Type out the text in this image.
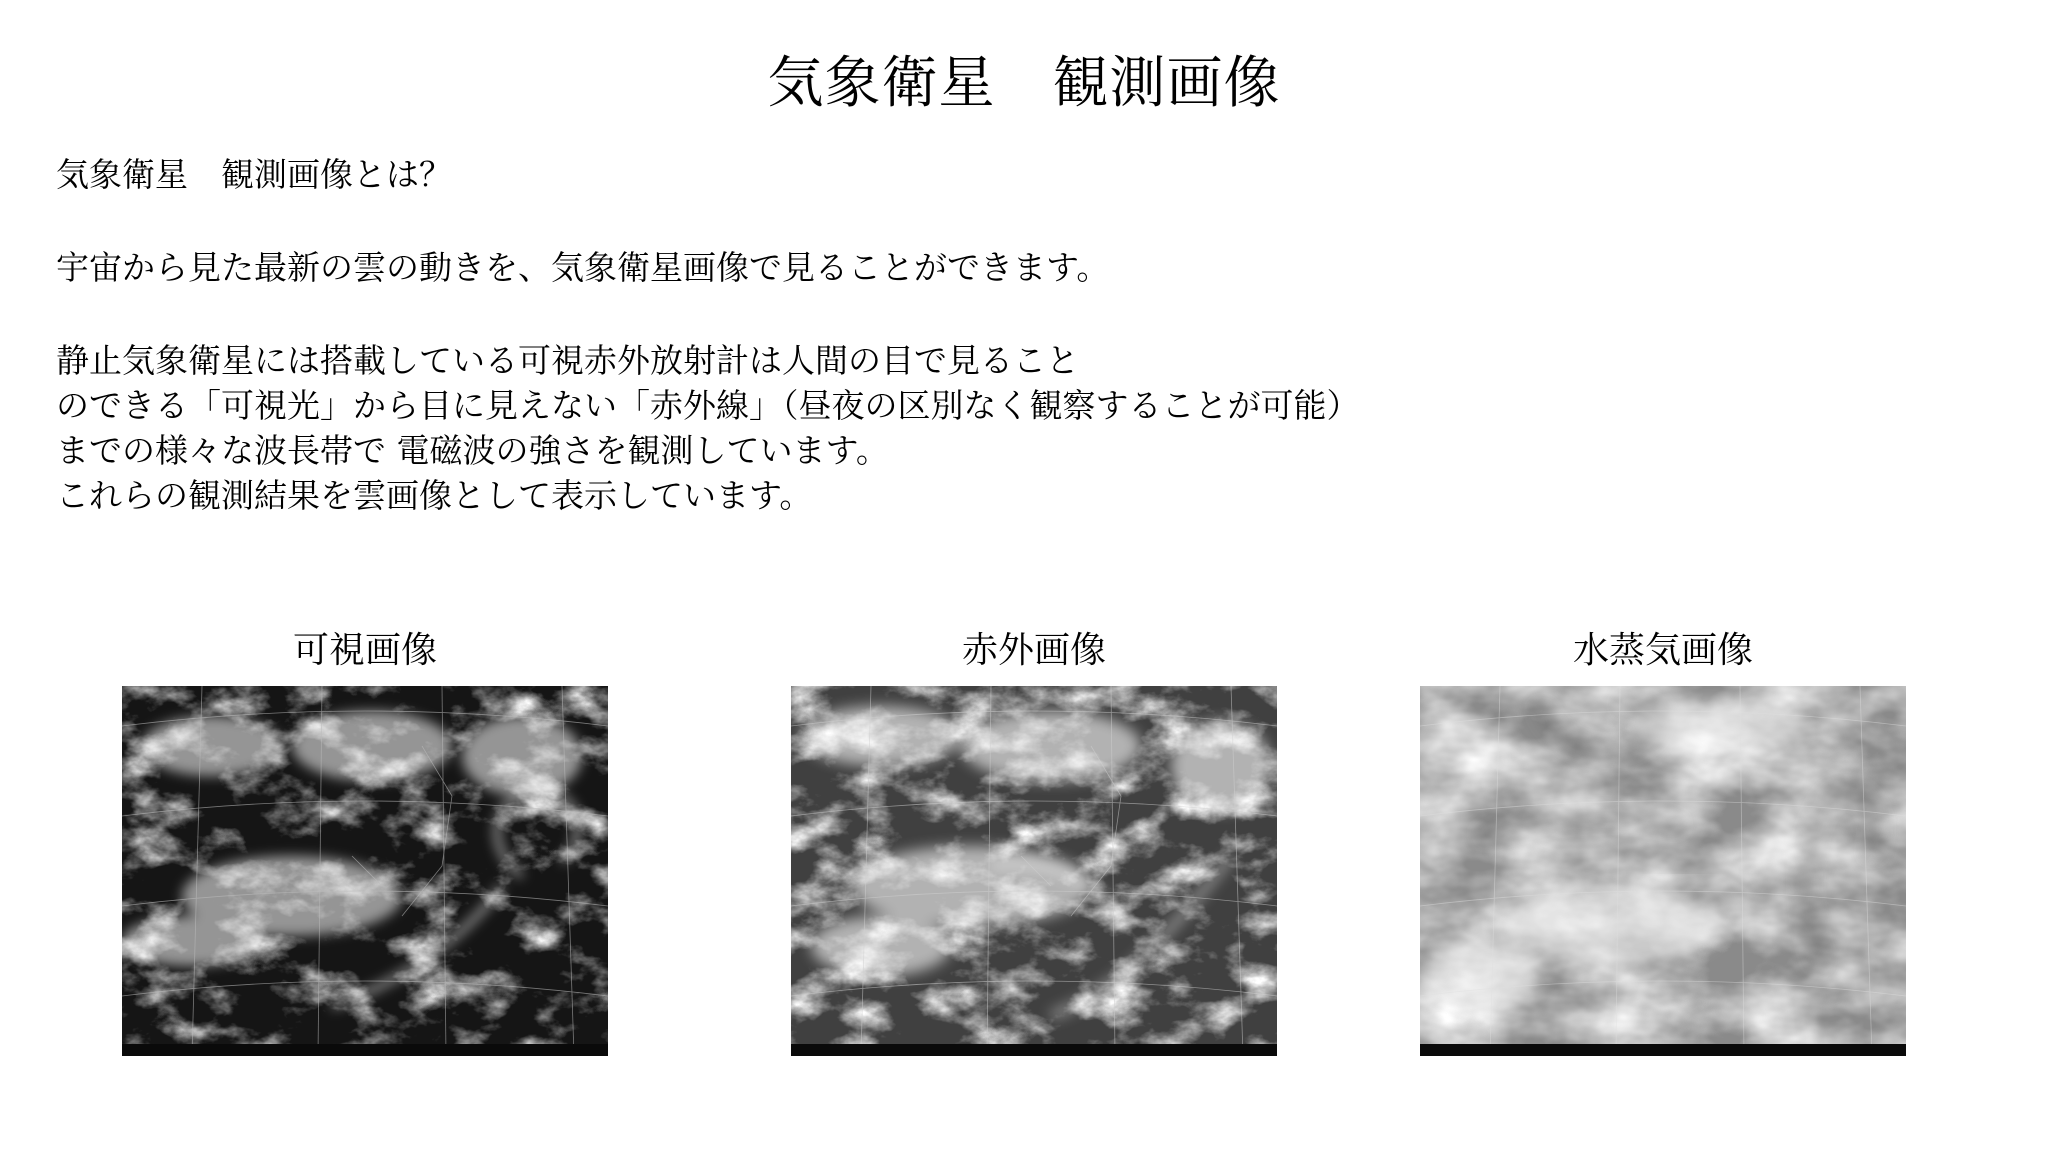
気象衛星　観測画像

気象衛星　観測画像とは？

宇宙から見た最新の雲の動きを、気象衛星画像で見ることができます。

静止気象衛星には搭載している可視赤外放射計は人間の目で見ること

のできる「可視光」から目に見えない「赤外線」（昼夜の区別なく観察することが可能）

までの様々な波長帯で 電磁波の強さを観測しています。

これらの観測結果を雲画像として表示しています。

可視画像	赤外画像	水蒸気画像
